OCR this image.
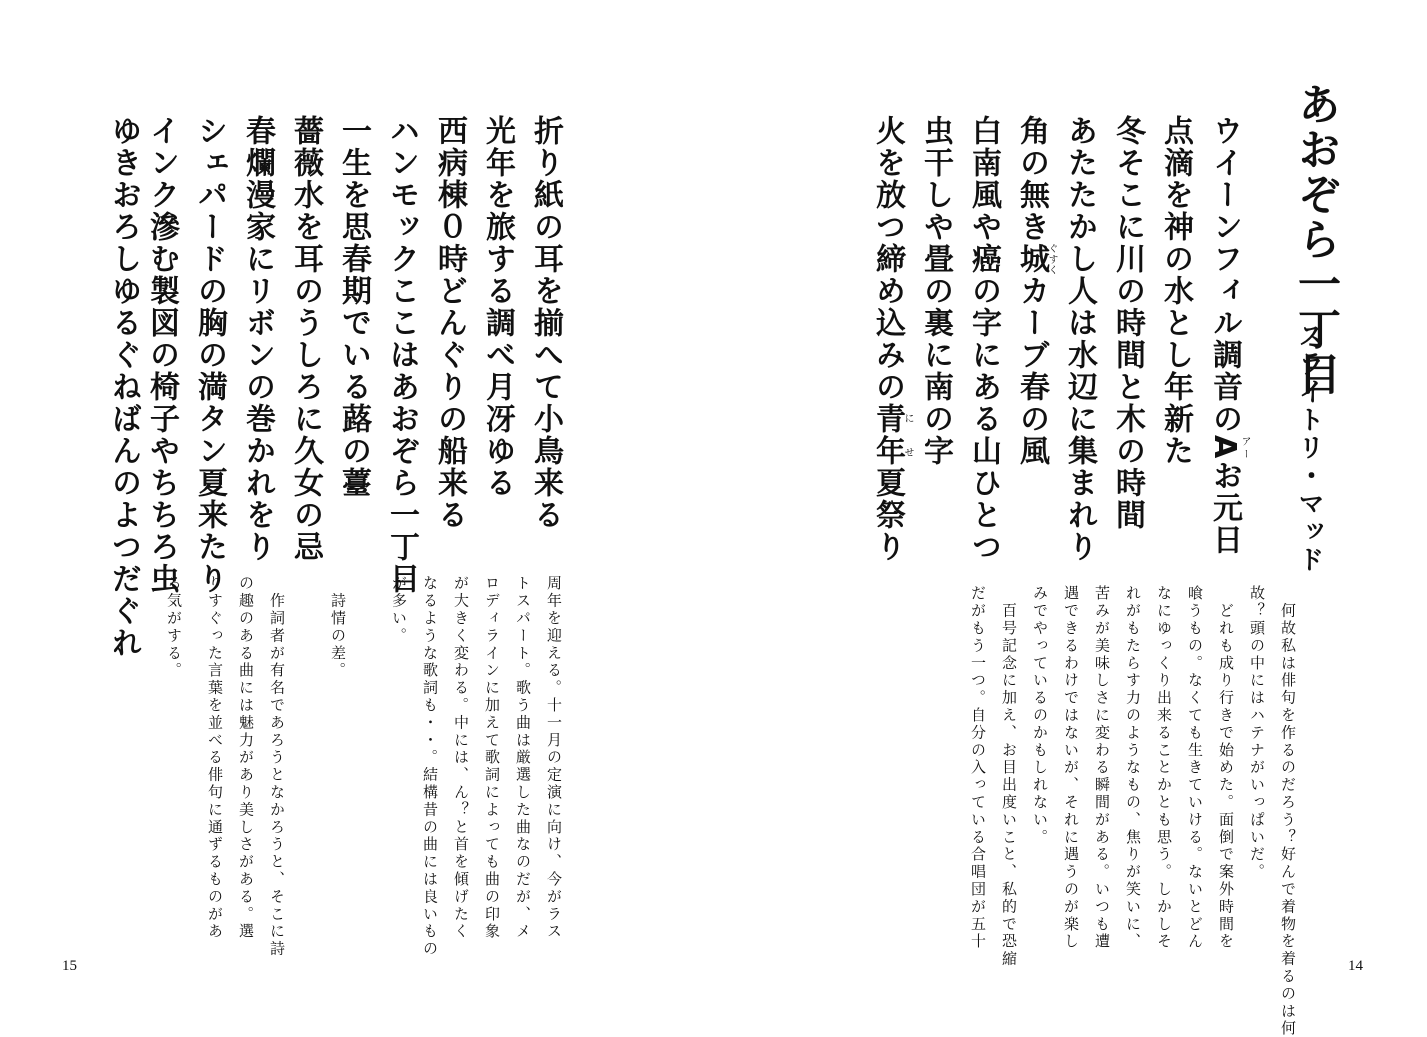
あおぞら一丁目
スライトリ・マッド
ウイーンフィル調音のAアーお元日
点滴を神の水とし年新た
冬そこに川の時間と木の時間
あたたかし人は水辺に集まれり
角の無き城ぐすくカーブ春の風
白南風や癌の字にある山ひとつ
虫干しや畳の裏に南の字
火を放つ締め込みの青年にせ夏祭り
　何故私は俳句を作るのだろう？好んで着物を着るのは何
故？頭の中にはハテナがいっぱいだ。
　どれも成り行きで始めた。面倒で案外時間を
喰うもの。なくても生きていける。ないとどん
なにゆっくり出来ることかとも思う。しかしそ
れがもたらす力のようなもの、焦りが笑いに、
苦みが美味しさに変わる瞬間がある。いつも遭
遇できるわけではないが、それに遇うのが楽し
みでやっているのかもしれない。
　百号記念に加え、お目出度いこと、私的で恐縮
だがもう一つ。自分の入っている合唱団が五十
14
折り紙の耳を揃へて小鳥来る
光年を旅する調べ月冴ゆる
西病棟０時どんぐりの船来る
ハンモックここはあおぞら一丁目
一生を思春期でいる蕗の薹
薔薇水を耳のうしろに久女の忌
春爛漫家にリボンの巻かれをり
シェパードの胸の満タン夏来たり
インク滲む製図の椅子やちちろ虫
ゆきおろしゆるぐねばんのよつだぐれ
周年を迎える。十一月の定演に向け、今がラス
トスパート。歌う曲は厳選した曲なのだが、メ
ロディラインに加えて歌詞によっても曲の印象
が大きく変わる。中には、ん？と首を傾げたく
なるような歌詞も・・。結構昔の曲には良いもの
が多い。
　詩情の差。
　作詞者が有名であろうとなかろうと、そこに詩
の趣のある曲には魅力があり美しさがある。選
りすぐった言葉を並べる俳句に通ずるものがあ
る気がする。
15
